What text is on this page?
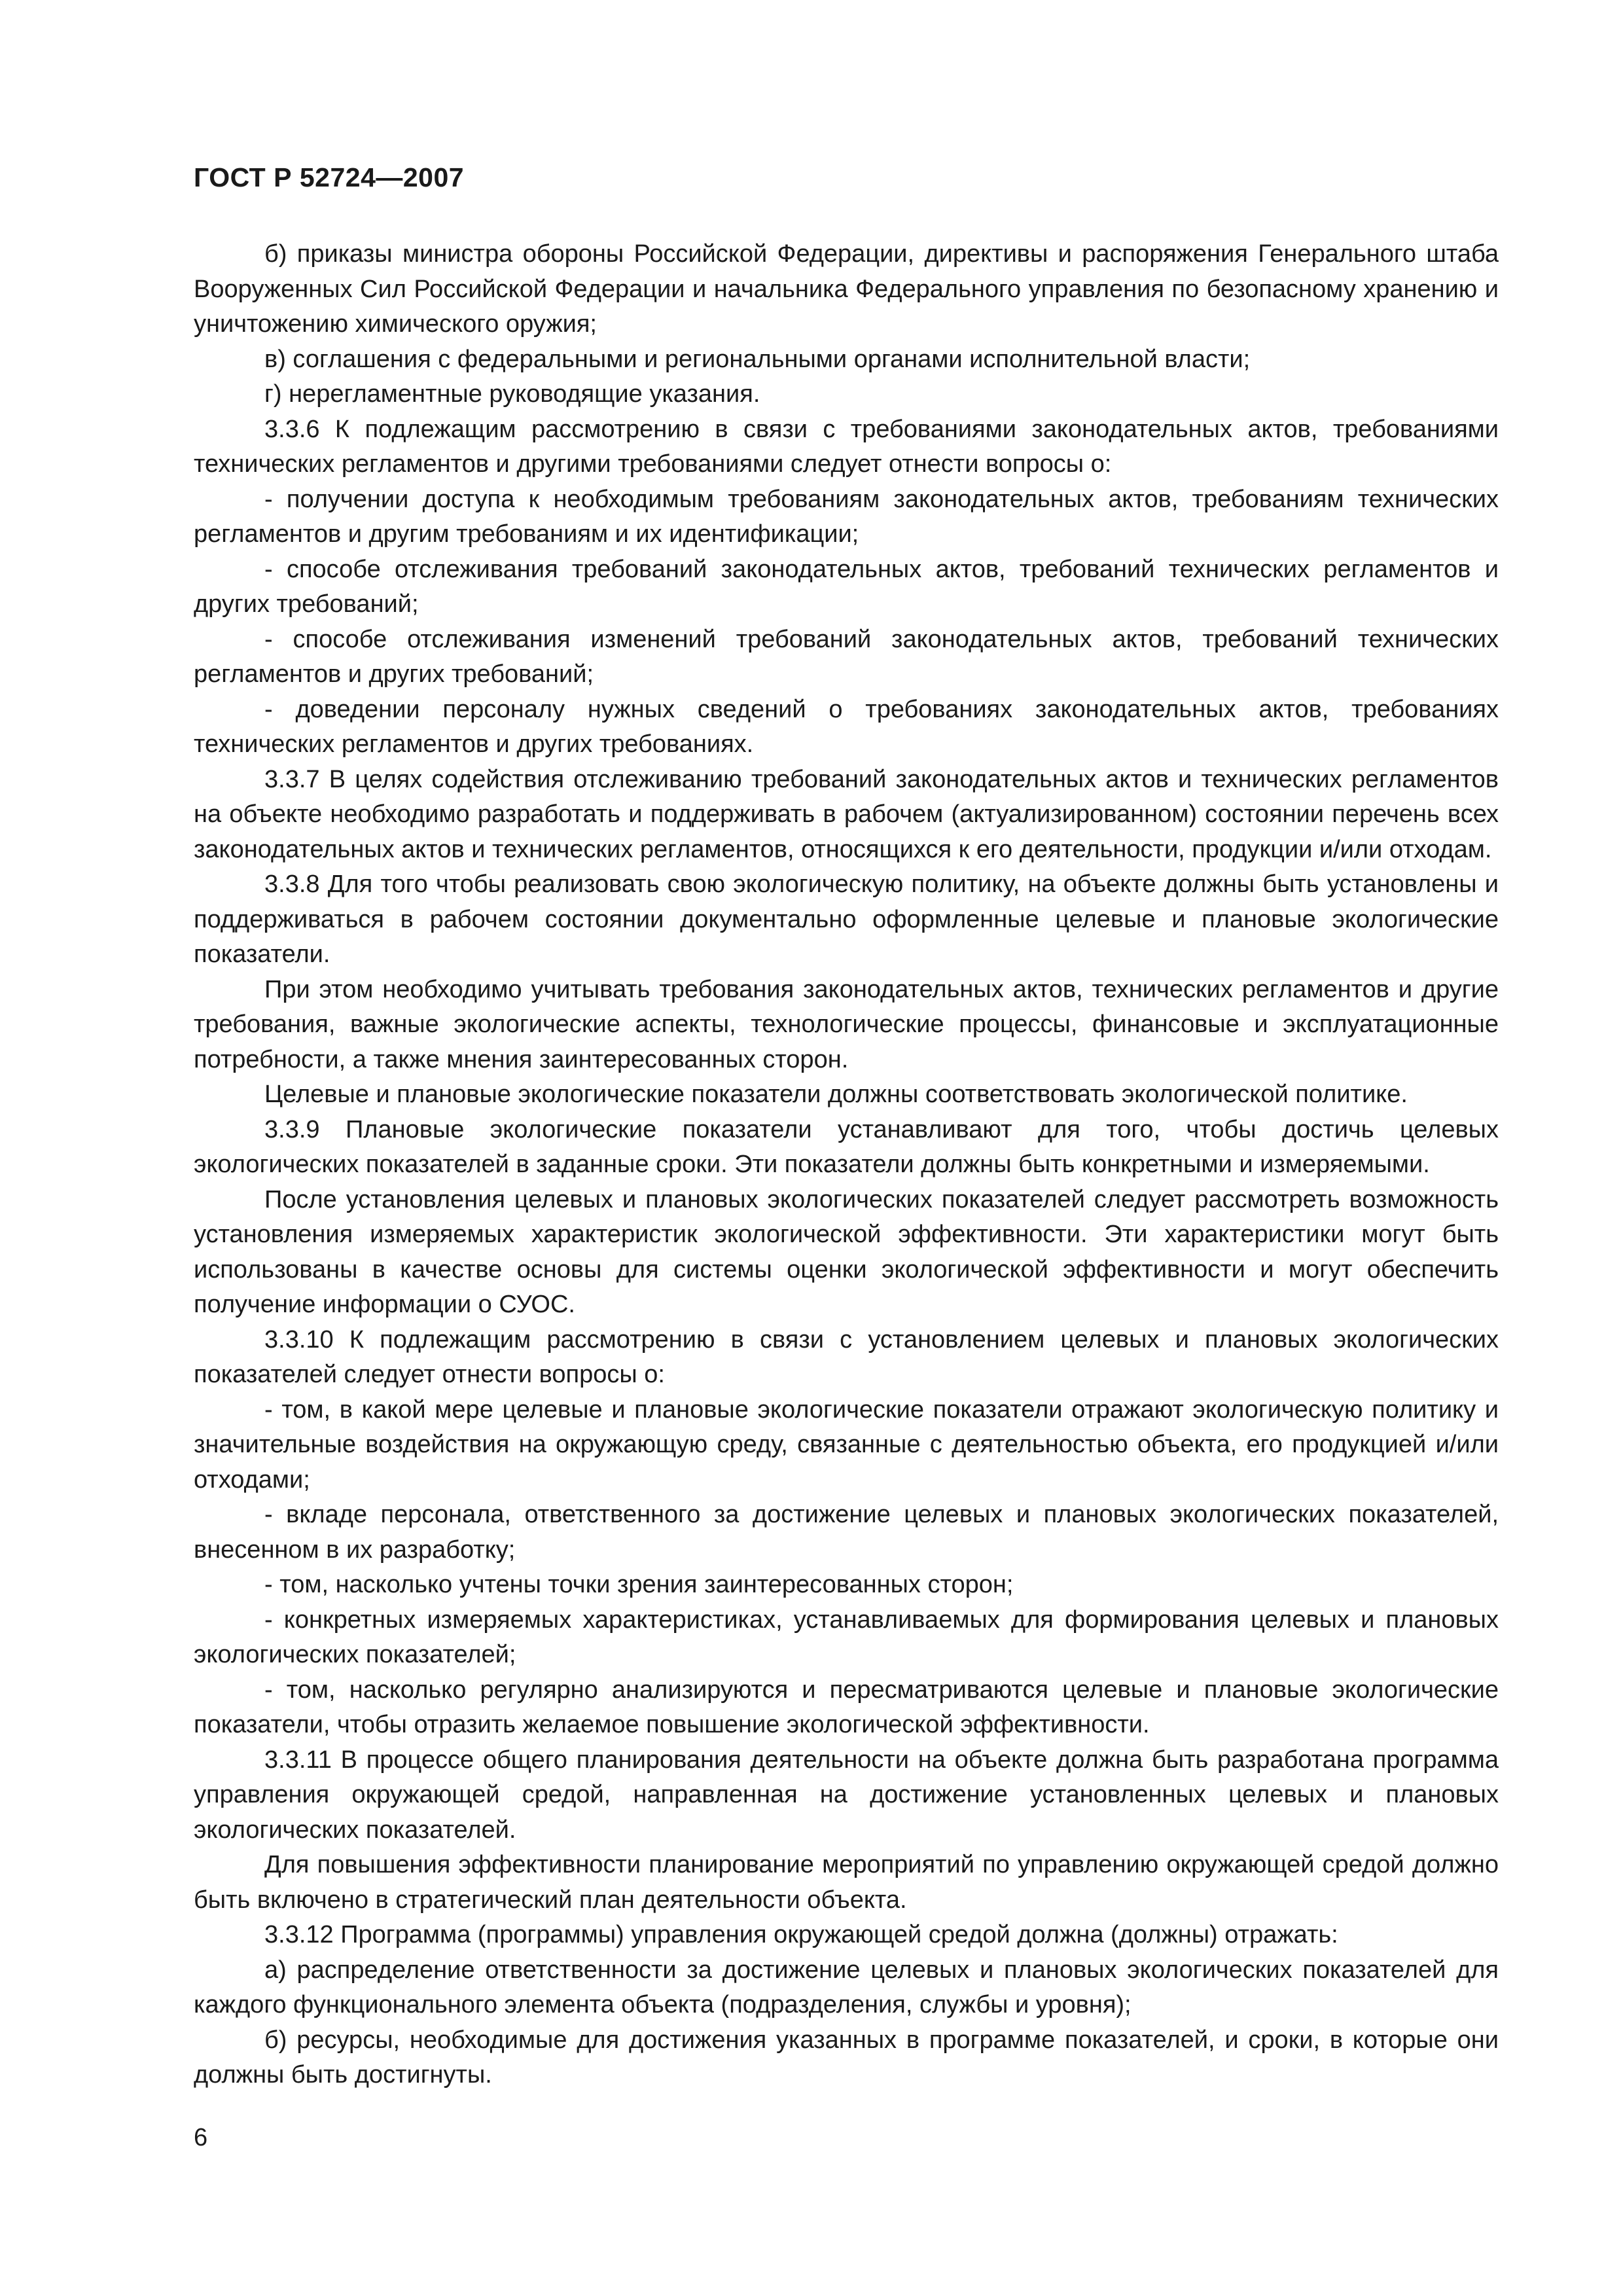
ГОСТ Р 52724—2007

б) приказы министра обороны Российской Федерации, директивы и распоряжения Генерального штаба Вооруженных Сил Российской Федерации и начальника Федерального управления по безопасному хранению и уничтожению химического оружия;

в) соглашения с федеральными и региональными органами исполнительной власти;

г) нерегламентные руководящие указания.

3.3.6 К подлежащим рассмотрению в связи с требованиями законодательных актов, требованиями технических регламентов и другими требованиями следует отнести вопросы о:

- получении доступа к необходимым требованиям законодательных актов, требованиям технических регламентов и другим требованиям и их идентификации;

- способе отслеживания требований законодательных актов, требований технических регламентов и других требований;

- способе отслеживания изменений требований законодательных актов, требований технических регламентов и других требований;

- доведении персоналу нужных сведений о требованиях законодательных актов, требованиях технических регламентов и других требованиях.

3.3.7 В целях содействия отслеживанию требований законодательных актов и технических регламентов на объекте необходимо разработать и поддерживать в рабочем (актуализированном) состоянии перечень всех законодательных актов и технических регламентов, относящихся к его деятельности, продукции и/или отходам.

3.3.8 Для того чтобы реализовать свою экологическую политику, на объекте должны быть установлены и поддерживаться в рабочем состоянии документально оформленные целевые и плановые экологические показатели.

При этом необходимо учитывать требования законодательных актов, технических регламентов и другие требования, важные экологические аспекты, технологические процессы, финансовые и эксплуатационные потребности, а также мнения заинтересованных сторон.

Целевые и плановые экологические показатели должны соответствовать экологической политике.

3.3.9 Плановые экологические показатели устанавливают для того, чтобы достичь целевых экологических показателей в заданные сроки. Эти показатели должны быть конкретными и измеряемыми.

После установления целевых и плановых экологических показателей следует рассмотреть возможность установления измеряемых характеристик экологической эффективности. Эти характеристики могут быть использованы в качестве основы для системы оценки экологической эффективности и могут обеспечить получение информации о СУОС.

3.3.10 К подлежащим рассмотрению в связи с установлением целевых и плановых экологических показателей следует отнести вопросы о:

- том, в какой мере целевые и плановые экологические показатели отражают экологическую политику и значительные воздействия на окружающую среду, связанные с деятельностью объекта, его продукцией и/или отходами;

- вкладе персонала, ответственного за достижение целевых и плановых экологических показателей, внесенном в их разработку;

- том, насколько учтены точки зрения заинтересованных сторон;

- конкретных измеряемых характеристиках, устанавливаемых для формирования целевых и плановых экологических показателей;

- том, насколько регулярно анализируются и пересматриваются целевые и плановые экологические показатели, чтобы отразить желаемое повышение экологической эффективности.

3.3.11 В процессе общего планирования деятельности на объекте должна быть разработана программа управления окружающей средой, направленная на достижение установленных целевых и плановых экологических показателей.

Для повышения эффективности планирование мероприятий по управлению окружающей средой должно быть включено в стратегический план деятельности объекта.

3.3.12 Программа (программы) управления окружающей средой должна (должны) отражать:

а) распределение ответственности за достижение целевых и плановых экологических показателей для каждого функционального элемента объекта (подразделения, службы и уровня);

б) ресурсы, необходимые для достижения указанных в программе показателей, и сроки, в которые они должны быть достигнуты.

6
